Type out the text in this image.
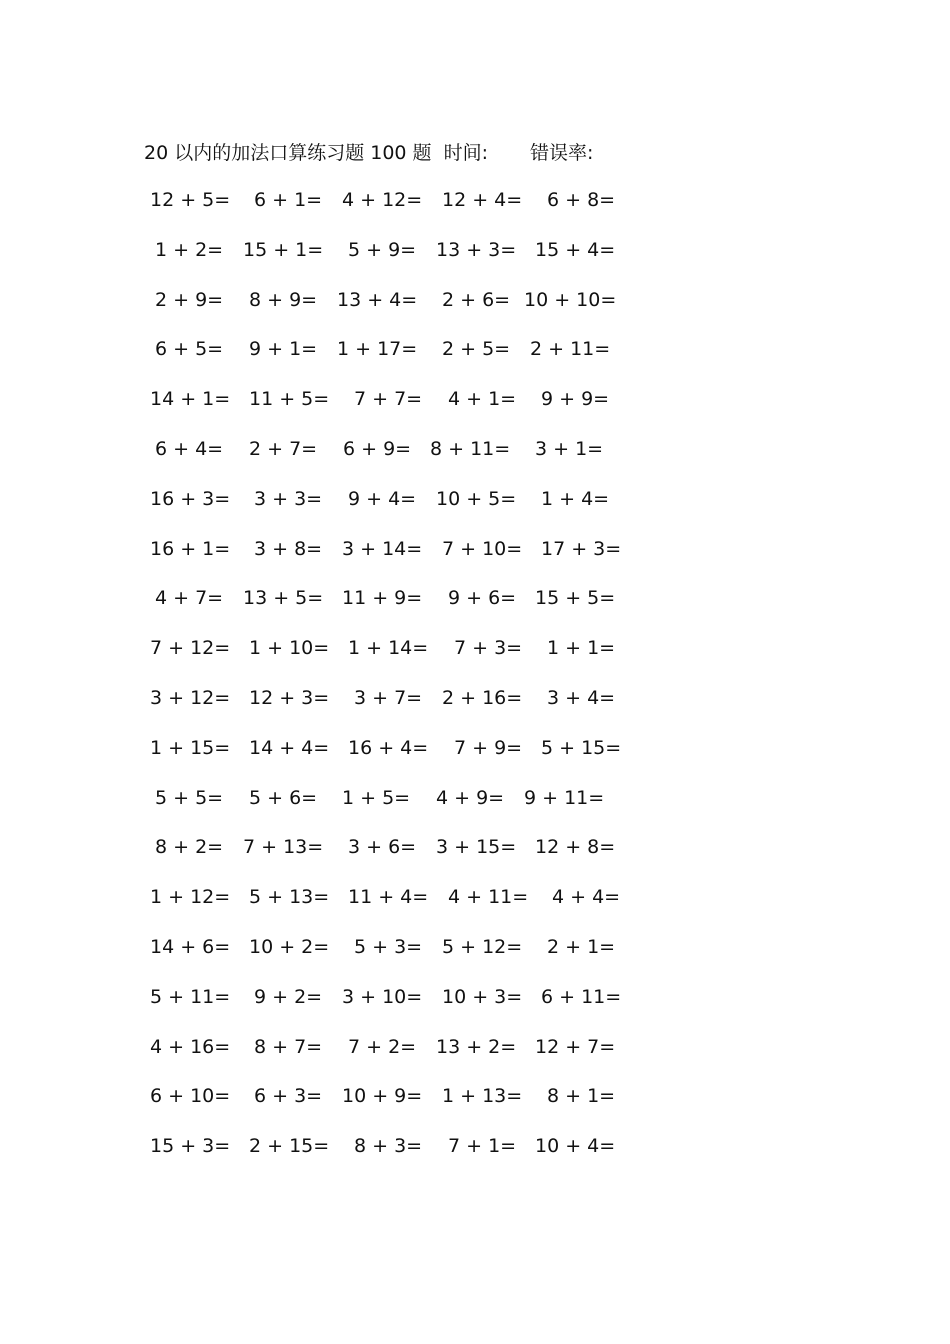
20 以内的加法口算练习题 100 题 时间: 错误率:
12 + 5= 6 + 1= 4 + 12= 12 + 4= 6 + 8=
1 + 2= 15 + 1= 5 + 9= 13 + 3= 15 + 4=
2 + 9= 8 + 9= 13 + 4= 2 + 6= 10 + 10=
6 + 5= 9 + 1= 1 + 17= 2 + 5= 2 + 11=
14 + 1= 11 + 5= 7 + 7= 4 + 1= 9 + 9=
6 + 4= 2 + 7= 6 + 9= 8 + 11= 3 + 1=
16 + 3= 3 + 3= 9 + 4= 10 + 5= 1 + 4=
16 + 1= 3 + 8= 3 + 14= 7 + 10= 17 + 3=
4 + 7= 13 + 5= 11 + 9= 9 + 6= 15 + 5=
7 + 12= 1 + 10= 1 + 14= 7 + 3= 1 + 1=
3 + 12= 12 + 3= 3 + 7= 2 + 16= 3 + 4=
1 + 15= 14 + 4= 16 + 4= 7 + 9= 5 + 15=
5 + 5= 5 + 6= 1 + 5= 4 + 9= 9 + 11=
8 + 2= 7 + 13= 3 + 6= 3 + 15= 12 + 8=
1 + 12= 5 + 13= 11 + 4= 4 + 11= 4 + 4=
14 + 6= 10 + 2= 5 + 3= 5 + 12= 2 + 1=
5 + 11= 9 + 2= 3 + 10= 10 + 3= 6 + 11=
4 + 16= 8 + 7= 7 + 2= 13 + 2= 12 + 7=
6 + 10= 6 + 3= 10 + 9= 1 + 13= 8 + 1=
15 + 3= 2 + 15= 8 + 3= 7 + 1= 10 + 4=
